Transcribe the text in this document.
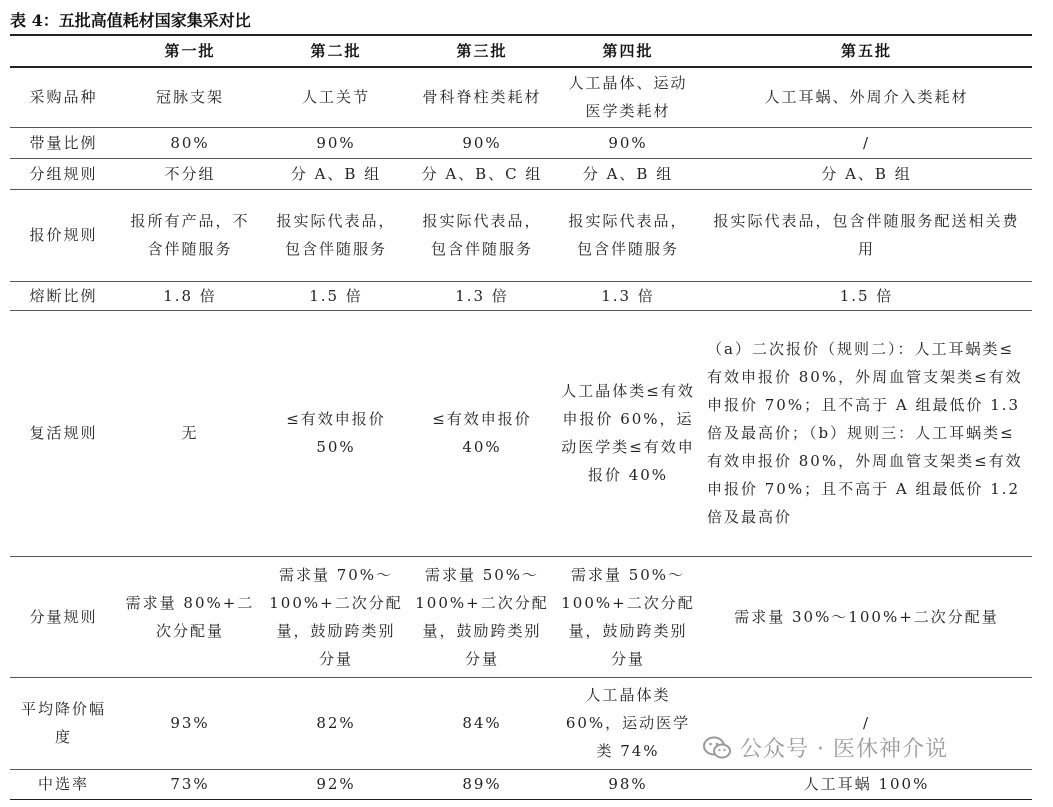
表 4：五批高值耗材国家集采对比
	第一批	第二批	第三批	第四批	第五批
采购品种	冠脉支架	人工关节	骨科脊柱类耗材	人工晶体、运动医学类耗材	人工耳蜗、外周介入类耗材
带量比例	80%	90%	90%	90%	/
分组规则	不分组	分 A、B 组	分 A、B、C 组	分 A、B 组	分 A、B 组
报价规则	报所有产品，不含伴随服务	报实际代表品，包含伴随服务	报实际代表品，包含伴随服务	报实际代表品，包含伴随服务	报实际代表品，包含伴随服务配送相关费用
熔断比例	1.8 倍	1.5 倍	1.3 倍	1.3 倍	1.5 倍
复活规则	无	≤有效申报价 50%	≤有效申报价 40%	人工晶体类≤有效申报价 60%，运动医学类≤有效申报价 40%	（a）二次报价（规则二）：人工耳蜗类≤有效申报价 80%，外周血管支架类≤有效申报价 70%；且不高于 A 组最低价 1.3 倍及最高价；（b）规则三：人工耳蜗类≤有效申报价 80%，外周血管支架类≤有效申报价 70%；且不高于 A 组最低价 1.2 倍及最高价
分量规则	需求量 80%+二次分配量	需求量 70%～100%+二次分配量，鼓励跨类别分量	需求量 50%～100%+二次分配量，鼓励跨类别分量	需求量 50%～100%+二次分配量，鼓励跨类别分量	需求量 30%～100%+二次分配量
平均降价幅度	93%	82%	84%	人工晶体类 60%，运动医学类 74%	/
中选率	73%	92%	89%	98%	人工耳蜗 100%
公众号 · 医休神介说
